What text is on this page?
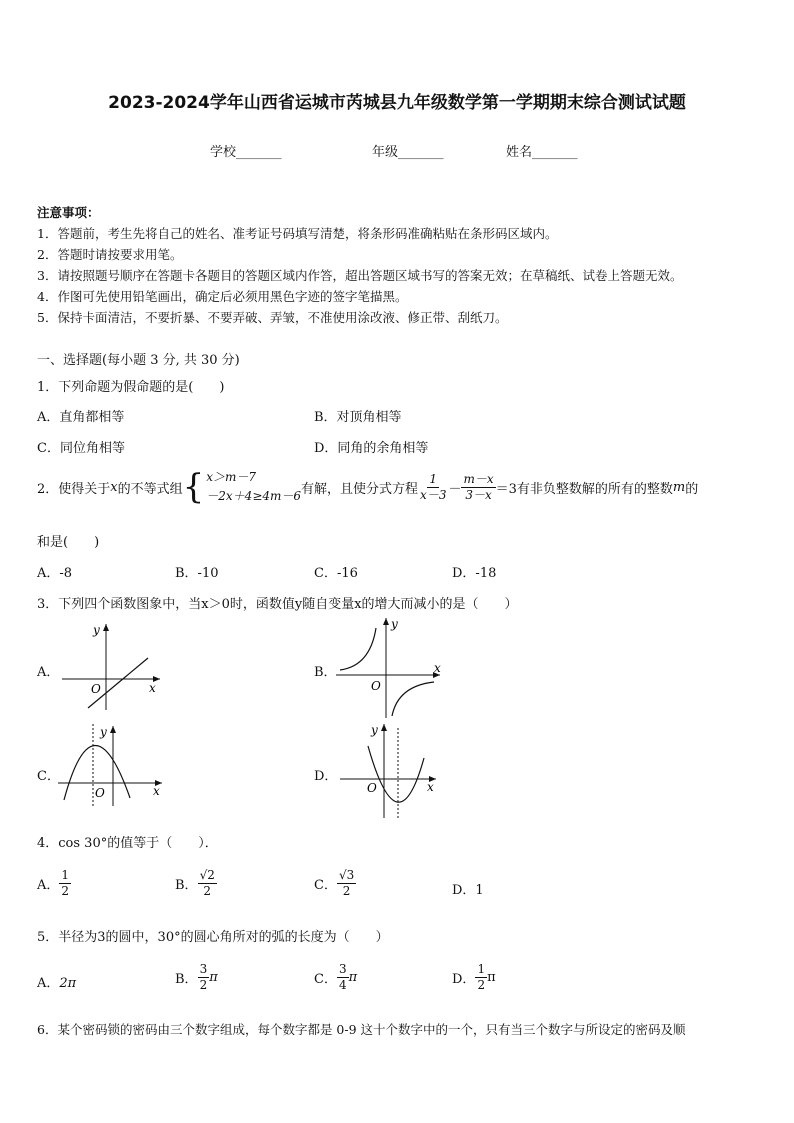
2023-2024学年山西省运城市芮城县九年级数学第一学期期末综合测试试题
学校_______	年级_______	姓名_______
注意事项：
1．答题前，考生先将自己的姓名、准考证号码填写清楚，将条形码准确粘贴在条形码区域内。
2．答题时请按要求用笔。
3．请按照题号顺序在答题卡各题目的答题区域内作答，超出答题区域书写的答案无效；在草稿纸、试卷上答题无效。
4．作图可先使用铅笔画出，确定后必须用黑色字迹的签字笔描黑。
5．保持卡面清洁，不要折暴、不要弄破、弄皱，不准使用涂改液、修正带、刮纸刀。
一、选择题(每小题 3 分, 共 30 分)
1．下列命题为假命题的是(　　)
A．直角都相等	B．对顶角相等
C．同位角相等	D．同角的余角相等
2．使得关于 x 的不等式组 { x＞m－7
－2x＋4≥4m－6 有解，且使分式方程 $\frac{1}{x-3} - \frac{m-x}{3-x} =3$ 有非负整数解的所有的整数 m 的
和是(　　)
A．-8	B．-10	C．-16	D．-18
3．下列四个函数图象中，当x＞0时，函数值y随自变量x的增大而减小的是（　　）
A．
x
y
O
B．	x
y
O
C．
x
y
O
D．
x
y
O
4．cos 30°的值等于（　　）．
A． $\frac{1}{2}$	B． $\frac{√2}{2}$	C． $\frac{√3}{2}$	D．1
5．半径为3的圆中，30°的圆心角所对的弧的长度为（　　）
A．2π	B． $\frac{3}{2}$ π	C． $\frac{3}{4}$ π	D． $\frac{1}{2}$ π
6．某个密码锁的密码由三个数字组成，每个数字都是 0-9 这十个数字中的一个，只有当三个数字与所设定的密码及顺
